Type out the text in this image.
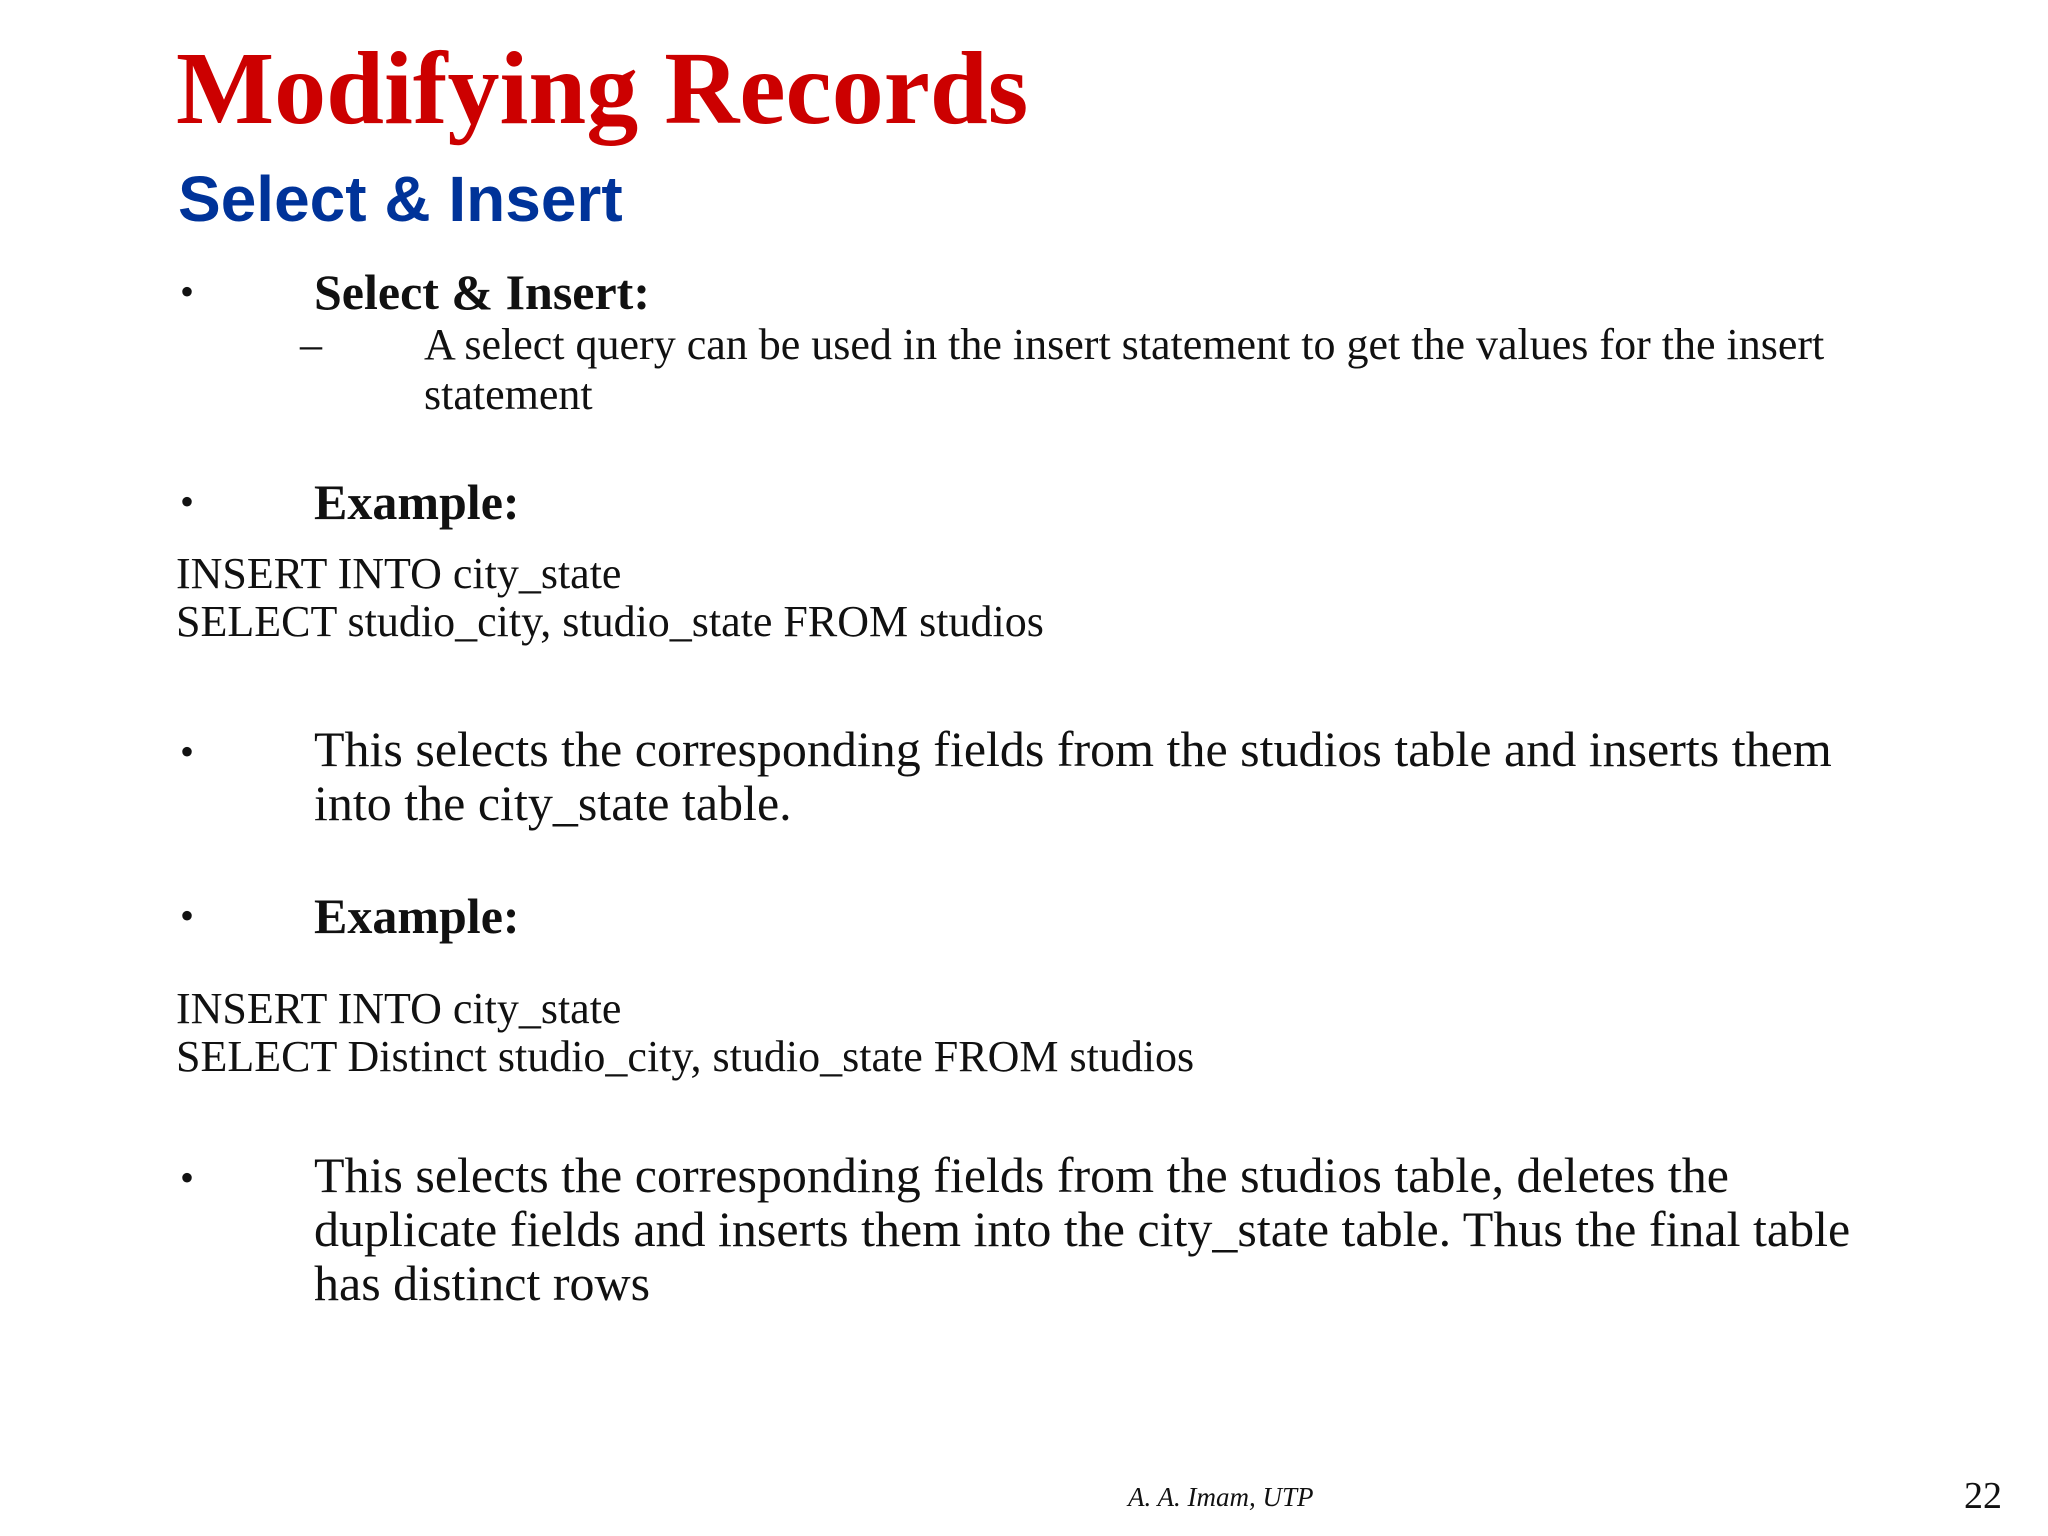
Modifying Records
Select & Insert
• Select & Insert:
– A select query can be used in the insert statement to get the values for the insert statement
• Example:
INSERT INTO city_state
SELECT studio_city, studio_state FROM studios
• This selects the corresponding fields from the studios table and inserts them into the city_state table.
• Example:
INSERT INTO city_state
SELECT Distinct studio_city, studio_state FROM studios
• This selects the corresponding fields from the studios table, deletes the duplicate fields and inserts them into the city_state table. Thus the final table has distinct rows
A. A. Imam, UTP	22
